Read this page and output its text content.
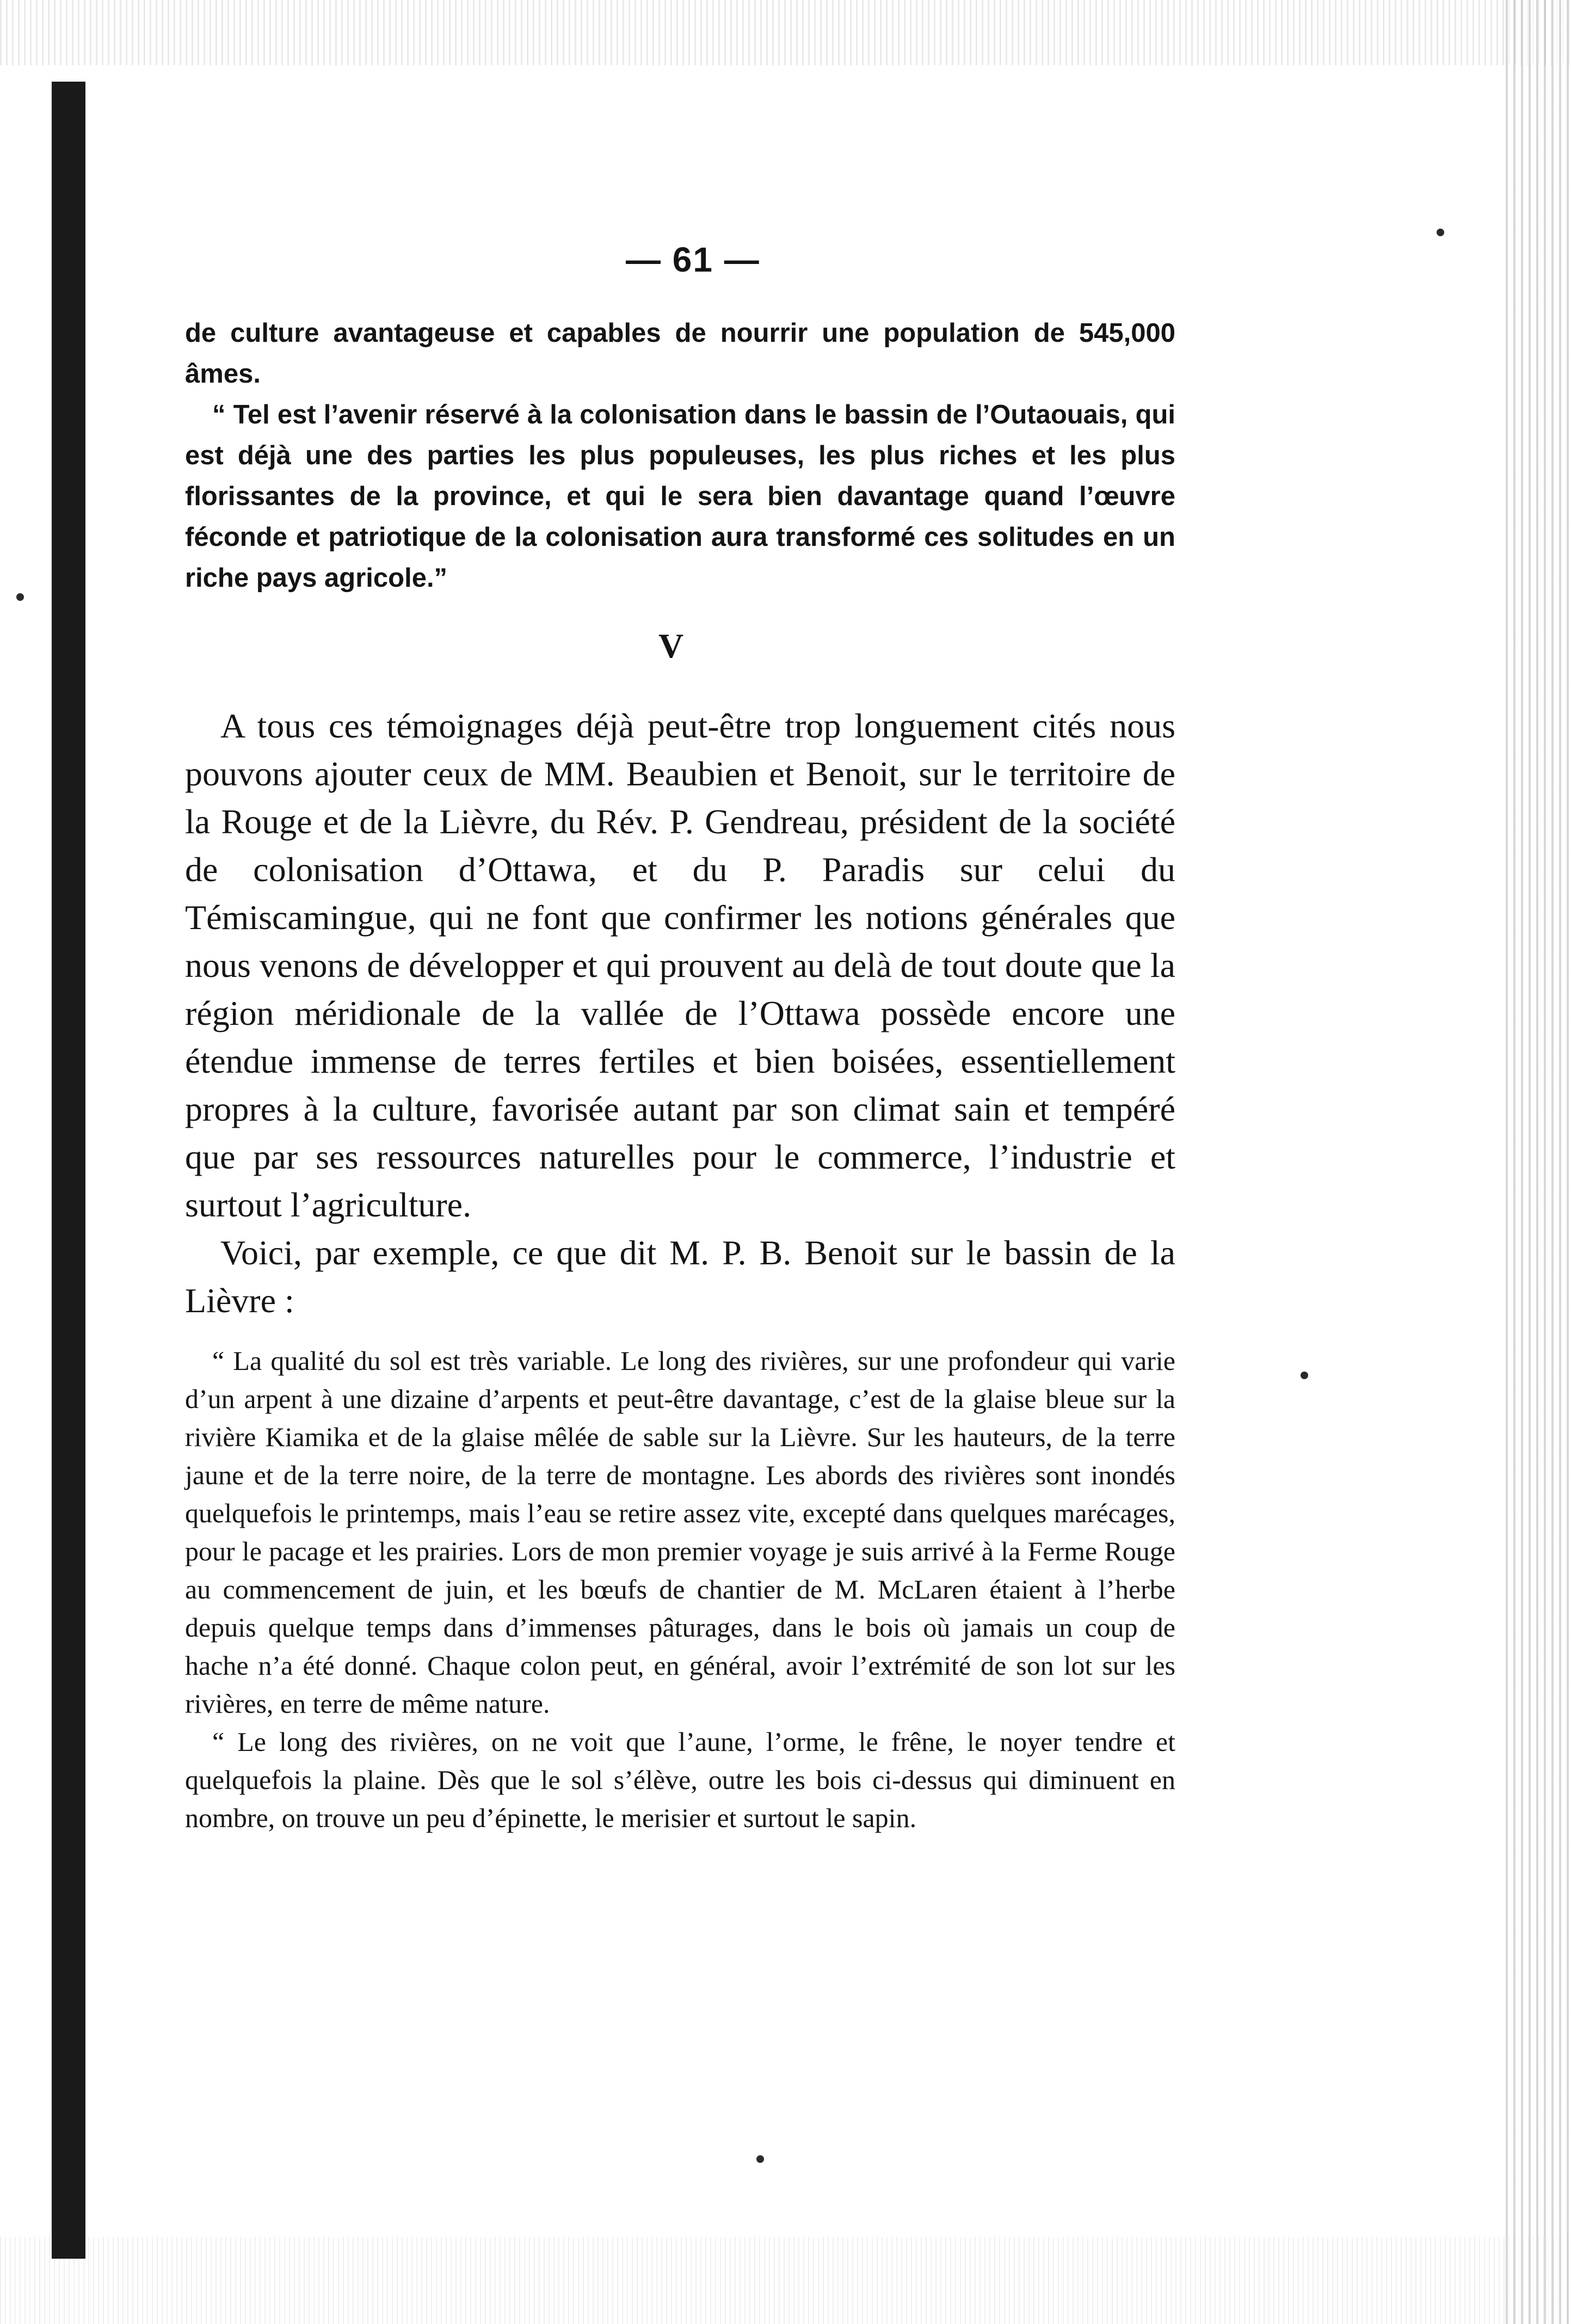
— 61 —

de culture avantageuse et capables de nourrir une population de 545,000 âmes.

“ Tel est l’avenir réservé à la colonisation dans le bassin de l’Outaouais, qui est déjà une des parties les plus populeuses, les plus riches et les plus florissantes de la province, et qui le sera bien davantage quand l’œuvre féconde et patriotique de la colonisation aura transformé ces solitudes en un riche pays agricole.”

V

A tous ces témoignages déjà peut-être trop longuement cités nous pouvons ajouter ceux de MM. Beaubien et Benoit, sur le territoire de la Rouge et de la Lièvre, du Rév. P. Gendreau, président de la société de colonisation d’Ottawa, et du P. Paradis sur celui du Témiscamingue, qui ne font que confirmer les notions générales que nous venons de développer et qui prouvent au delà de tout doute que la région méridionale de la vallée de l’Ottawa possède encore une étendue immense de terres fertiles et bien boisées, essentiellement propres à la culture, favorisée autant par son climat sain et tempéré que par ses ressources naturelles pour le commerce, l’industrie et surtout l’agriculture.

Voici, par exemple, ce que dit M. P. B. Benoit sur le bassin de la Lièvre :

“ La qualité du sol est très variable. Le long des rivières, sur une profondeur qui varie d’un arpent à une dizaine d’arpents et peut-être davantage, c’est de la glaise bleue sur la rivière Kiamika et de la glaise mêlée de sable sur la Lièvre. Sur les hauteurs, de la terre jaune et de la terre noire, de la terre de montagne. Les abords des rivières sont inondés quelquefois le printemps, mais l’eau se retire assez vite, excepté dans quelques marécages, pour le pacage et les prairies. Lors de mon premier voyage je suis arrivé à la Ferme Rouge au commencement de juin, et les bœufs de chantier de M. McLaren étaient à l’herbe depuis quelque temps dans d’immenses pâturages, dans le bois où jamais un coup de hache n’a été donné. Chaque colon peut, en général, avoir l’extrémité de son lot sur les rivières, en terre de même nature.

“ Le long des rivières, on ne voit que l’aune, l’orme, le frêne, le noyer tendre et quelquefois la plaine. Dès que le sol s’élève, outre les bois ci-dessus qui diminuent en nombre, on trouve un peu d’épinette, le merisier et surtout le sapin.
